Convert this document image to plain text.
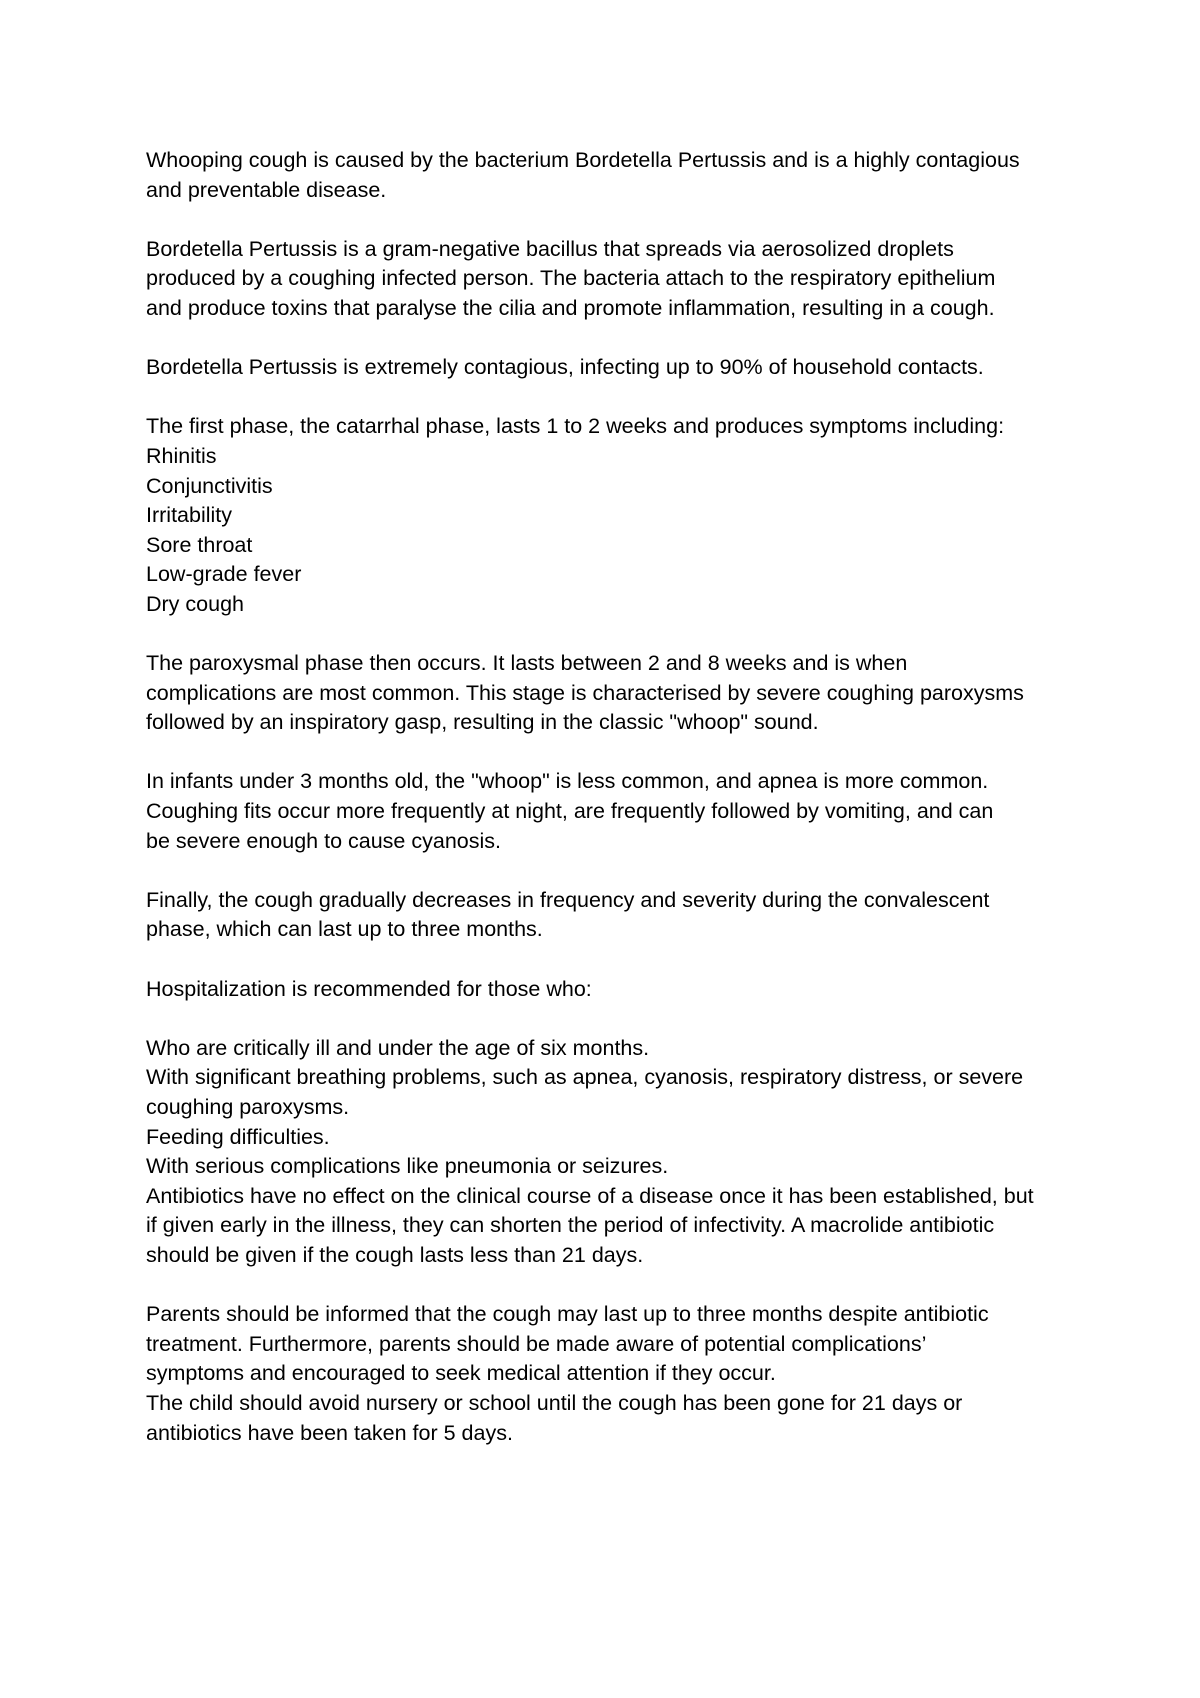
Whooping cough is caused by the bacterium Bordetella Pertussis and is a highly contagious
and preventable disease.
Bordetella Pertussis is a gram-negative bacillus that spreads via aerosolized droplets
produced by a coughing infected person. The bacteria attach to the respiratory epithelium
and produce toxins that paralyse the cilia and promote inflammation, resulting in a cough.
Bordetella Pertussis is extremely contagious, infecting up to 90% of household contacts.
The first phase, the catarrhal phase, lasts 1 to 2 weeks and produces symptoms including:
Rhinitis
Conjunctivitis
Irritability
Sore throat
Low-grade fever
Dry cough
The paroxysmal phase then occurs. It lasts between 2 and 8 weeks and is when
complications are most common. This stage is characterised by severe coughing paroxysms
followed by an inspiratory gasp, resulting in the classic "whoop" sound.
In infants under 3 months old, the "whoop" is less common, and apnea is more common.
Coughing fits occur more frequently at night, are frequently followed by vomiting, and can
be severe enough to cause cyanosis.
Finally, the cough gradually decreases in frequency and severity during the convalescent
phase, which can last up to three months.
Hospitalization is recommended for those who:
Who are critically ill and under the age of six months.
With significant breathing problems, such as apnea, cyanosis, respiratory distress, or severe
coughing paroxysms.
Feeding difficulties.
With serious complications like pneumonia or seizures.
Antibiotics have no effect on the clinical course of a disease once it has been established, but
if given early in the illness, they can shorten the period of infectivity. A macrolide antibiotic
should be given if the cough lasts less than 21 days.
Parents should be informed that the cough may last up to three months despite antibiotic
treatment. Furthermore, parents should be made aware of potential complications’
symptoms and encouraged to seek medical attention if they occur.
The child should avoid nursery or school until the cough has been gone for 21 days or
antibiotics have been taken for 5 days.
